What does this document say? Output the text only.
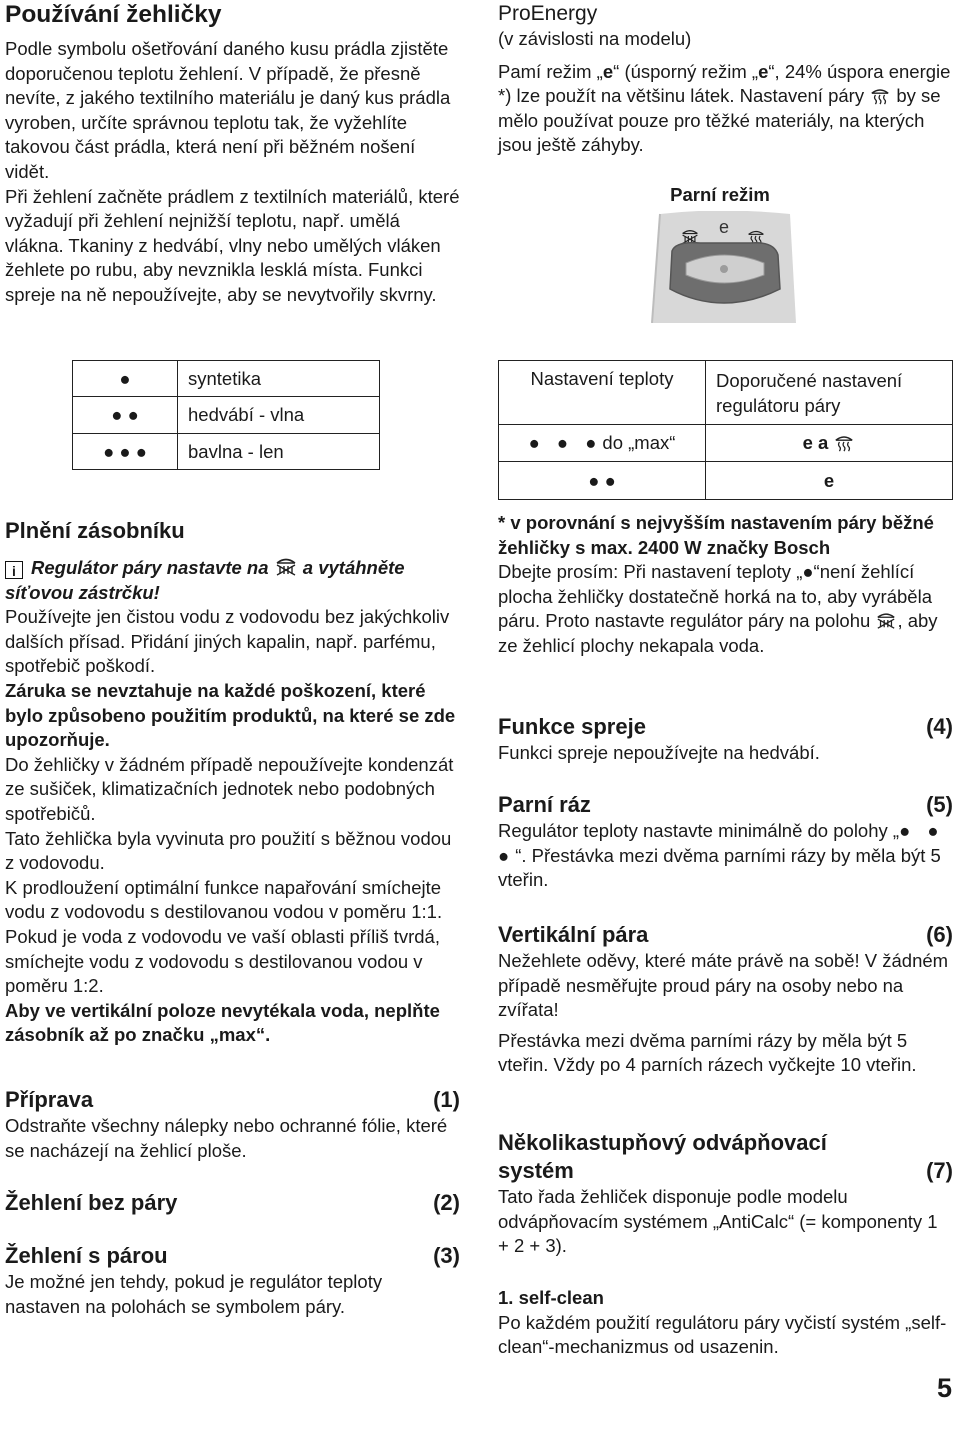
Používání žehličky

Podle symbolu ošetřování daného kusu prádla zjistěte doporučenou teplotu žehlení. V případě, že přesně nevíte, z jakého textilního materiálu je daný kus prádla vyroben, určíte správnou teplotu tak, že vyžehlíte takovou část prádla, která není při běžném nošení vidět.

Při žehlení začněte prádlem z textilních materiálů, které vyžadují při žehlení nejnižší teplotu, např. umělá vlákna. Tkaniny z hedvábí, vlny nebo umělých vláken žehlete po rubu, aby nevznikla lesklá místa. Funkci spreje na ně nepoužívejte, aby se nevytvořily skvrny.

●	syntetika
● ●	hedvábí - vlna
● ● ●	bavlna - len
Plnění zásobníku

i Regulátor páry nastavte na a vytáhněte síťovou zástrčku!

Používejte jen čistou vodu z vodovodu bez jakýchkoliv dalších přísad. Přidání jiných kapalin, např. parfému, spotřebič poškodí.

Záruka se nevztahuje na každé poškození, které bylo způsobeno použitím produktů, na které se zde upozorňuje.

Do žehličky v žádném případě nepoužívejte kondenzát ze sušiček, klimatizačních jednotek nebo podobných spotřebičů.

Tato žehlička byla vyvinuta pro použití s běžnou vodou z vodovodu.

K prodloužení optimální funkce napařování smíchejte vodu z vodovodu s destilovanou vodou v poměru 1:1. Pokud je voda z vodovodu ve vaší oblasti příliš tvrdá, smíchejte vodu z vodovodu s destilovanou vodou v poměru 1:2.

Aby ve vertikální poloze nevytékala voda, neplňte zásobník až po značku „max“.

Příprava	(1)

Odstraňte všechny nálepky nebo ochranné fólie, které se nacházejí na žehlicí ploše.

Žehlení bez páry	(2)
Žehlení s párou	(3)

Je možné jen tehdy, pokud je regulátor teploty nastaven na polohách se symbolem páry.

ProEnergy

(v závislosti na modelu)

Pamí režim „e“ (úsporný režim „e“, 24% úspora energie *) lze použít na většinu látek. Nastavení páry by se mělo používat pouze pro těžké materiály, na kterých jsou ještě záhyby.

Parní režim
e
Nastavení teploty	Doporučené nastavení regulátoru páry
● ● ●do „max“	e a
● ●	e

* v porovnání s nejvyšším nastavením páry běžné žehličky s max. 2400 W značky Bosch

Dbejte prosím: Při nastavení teploty „●“není žehlící plocha žehličky dostatečně horká na to, aby vyráběla páru. Proto nastavte regulátor páry na polohu , aby ze žehlicí plochy nekapala voda.

Funkce spreje	(4)

Funkci spreje nepoužívejte na hedvábí.

Parní ráz	(5)

Regulátor teploty nastavte minimálně do polohy „● ● ●“. Přestávka mezi dvěma parními rázy by měla být 5 vteřin.

Vertikální pára	(6)

Nežehlete oděvy, které máte právě na sobě! V žádném případě nesměřujte proud páry na osoby nebo na zvířata!

Přestávka mezi dvěma parními rázy by měla být 5 vteřin. Vždy po 4 parních rázech vyčkejte 10 vteřin.

Několikastupňový odvápňovací
systém	(7)

Tato řada žehliček disponuje podle modelu odvápňovacím systémem „AntiCalc“ (= komponenty 1 + 2 + 3).

1. self-clean

Po každém použití regulátoru páry vyčistí systém „self-clean“-mechanizmus od usazenin.

5
